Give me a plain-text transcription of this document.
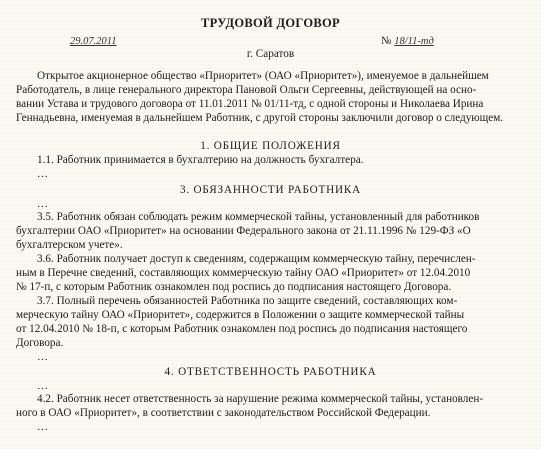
ТРУДОВОЙ ДОГОВОР
29.07.2011	№ 18/11-тд
г. Саратов
Открытое акционерное общество «Приоритет» (ОАО «Приоритет»), именуемое в дальнейшем
Работодатель, в лице генерального директора Пановой Ольги Сергеевны, действующей на осно-
вании Устава и трудового договора от 11.01.2011 № 01/11-тд, с одной стороны и Николаева Ирина
Геннадьевна, именуемая в дальнейшем Работник, с другой стороны заключили договор о следующем.
1. ОБЩИЕ ПОЛОЖЕНИЯ
1.1. Работник принимается в бухгалтерию на должность бухгалтера.
…
3. ОБЯЗАННОСТИ РАБОТНИКА
…
3.5. Работник обязан соблюдать режим коммерческой тайны, установленный для работников
бухгалтерии ОАО «Приоритет» на основании Федерального закона от 21.11.1996 № 129-ФЗ «О
бухгалтерском учете».
3.6. Работник получает доступ к сведениям, содержащим коммерческую тайну, перечислен-
ным в Перечне сведений, составляющих коммерческую тайну ОАО «Приоритет» от 12.04.2010
№ 17-п, с которым Работник ознакомлен под роспись до подписания настоящего Договора.
3.7. Полный перечень обязанностей Работника по защите сведений, составляющих ком-
мерческую тайну ОАО «Приоритет», содержится в Положении о защите коммерческой тайны
от 12.04.2010 № 18-п, с которым Работник ознакомлен под роспись до подписания настоящего
Договора.
…
4. ОТВЕТСТВЕННОСТЬ РАБОТНИКА
…
4.2. Работник несет ответственность за нарушение режима коммерческой тайны, установлен-
ного в ОАО «Приоритет», в соответствии с законодательством Российской Федерации.
…
